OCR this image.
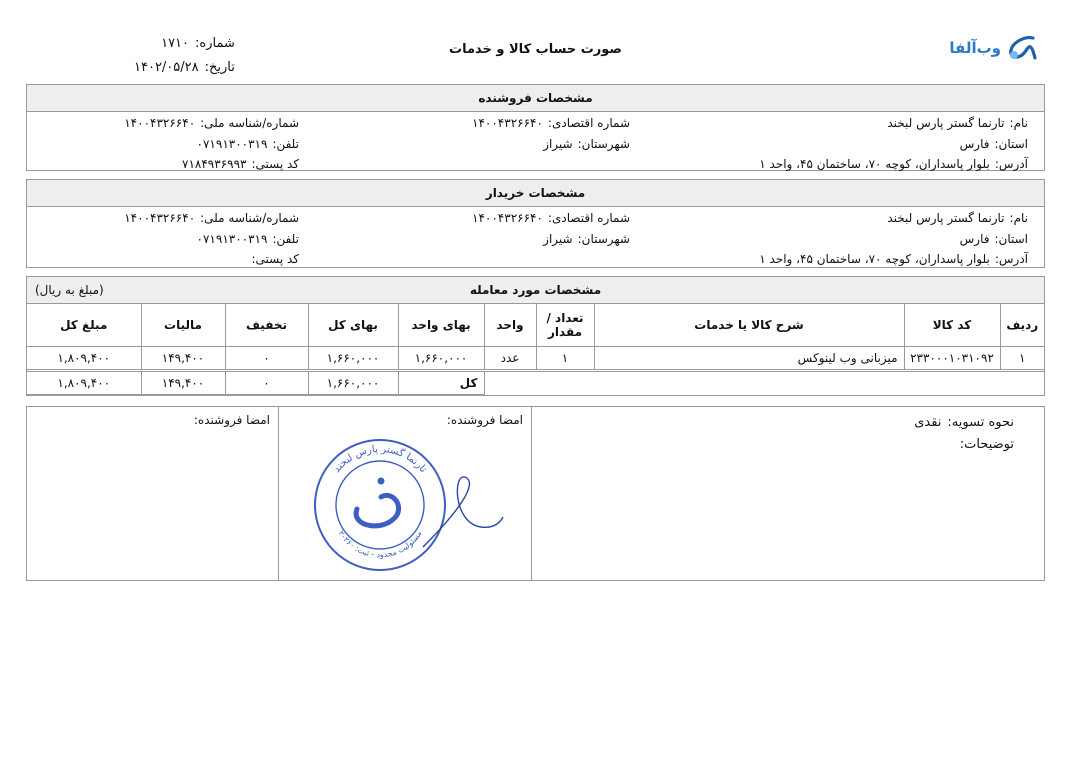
وب‌آلفا
صورت حساب کالا و خدمات
شماره:
۱۷۱۰
تاریخ:
۱۴۰۲/۰۵/۲۸
مشخصات فروشنده
نام:
تارنما گستر پارس لبخند
استان:
فارس
آدرس:
بلوار پاسداران، کوچه ۷۰، ساختمان ۴۵، واحد ۱
شماره اقتصادی:
۱۴۰۰۴۳۲۶۶۴۰
شهرستان:
شیراز
شماره/شناسه ملی:
۱۴۰۰۴۳۲۶۶۴۰
تلفن:
۰۷۱۹۱۳۰۰۳۱۹
کد پستی:
۷۱۸۴۹۳۶۹۹۳
مشخصات خریدار
نام:
تارنما گستر پارس لبخند
استان:
فارس
آدرس:
بلوار پاسداران، کوچه ۷۰، ساختمان ۴۵، واحد ۱
شماره اقتصادی:
۱۴۰۰۴۳۲۶۶۴۰
شهرستان:
شیراز
شماره/شناسه ملی:
۱۴۰۰۴۳۲۶۶۴۰
تلفن:
۰۷۱۹۱۳۰۰۳۱۹
کد پستی:
مشخصات مورد معامله
(مبلغ به ریال)
ردیف	کد کالا	شرح کالا یا خدمات	تعداد / مقدار	واحد	بهای واحد	بهای کل	تخفیف	مالیات	مبلغ کل
۱	۲۳۳۰۰۰۱۰۳۱۰۹۲	میزبانی وب لینوکس	۱	عدد	۱,۶۶۰,۰۰۰	۱,۶۶۰,۰۰۰	۰	۱۴۹,۴۰۰	۱,۸۰۹,۴۰۰

					کل	۱,۶۶۰,۰۰۰	۰	۱۴۹,۴۰۰	۱,۸۰۹,۴۰۰
نحوه تسویه:
نقدی
توضیحات:
امضا فروشنده:
تارنما گستر پارس لبخند
مسئولیت محدود - ثبت: ۲۰۲۶۰
امضا فروشنده:
